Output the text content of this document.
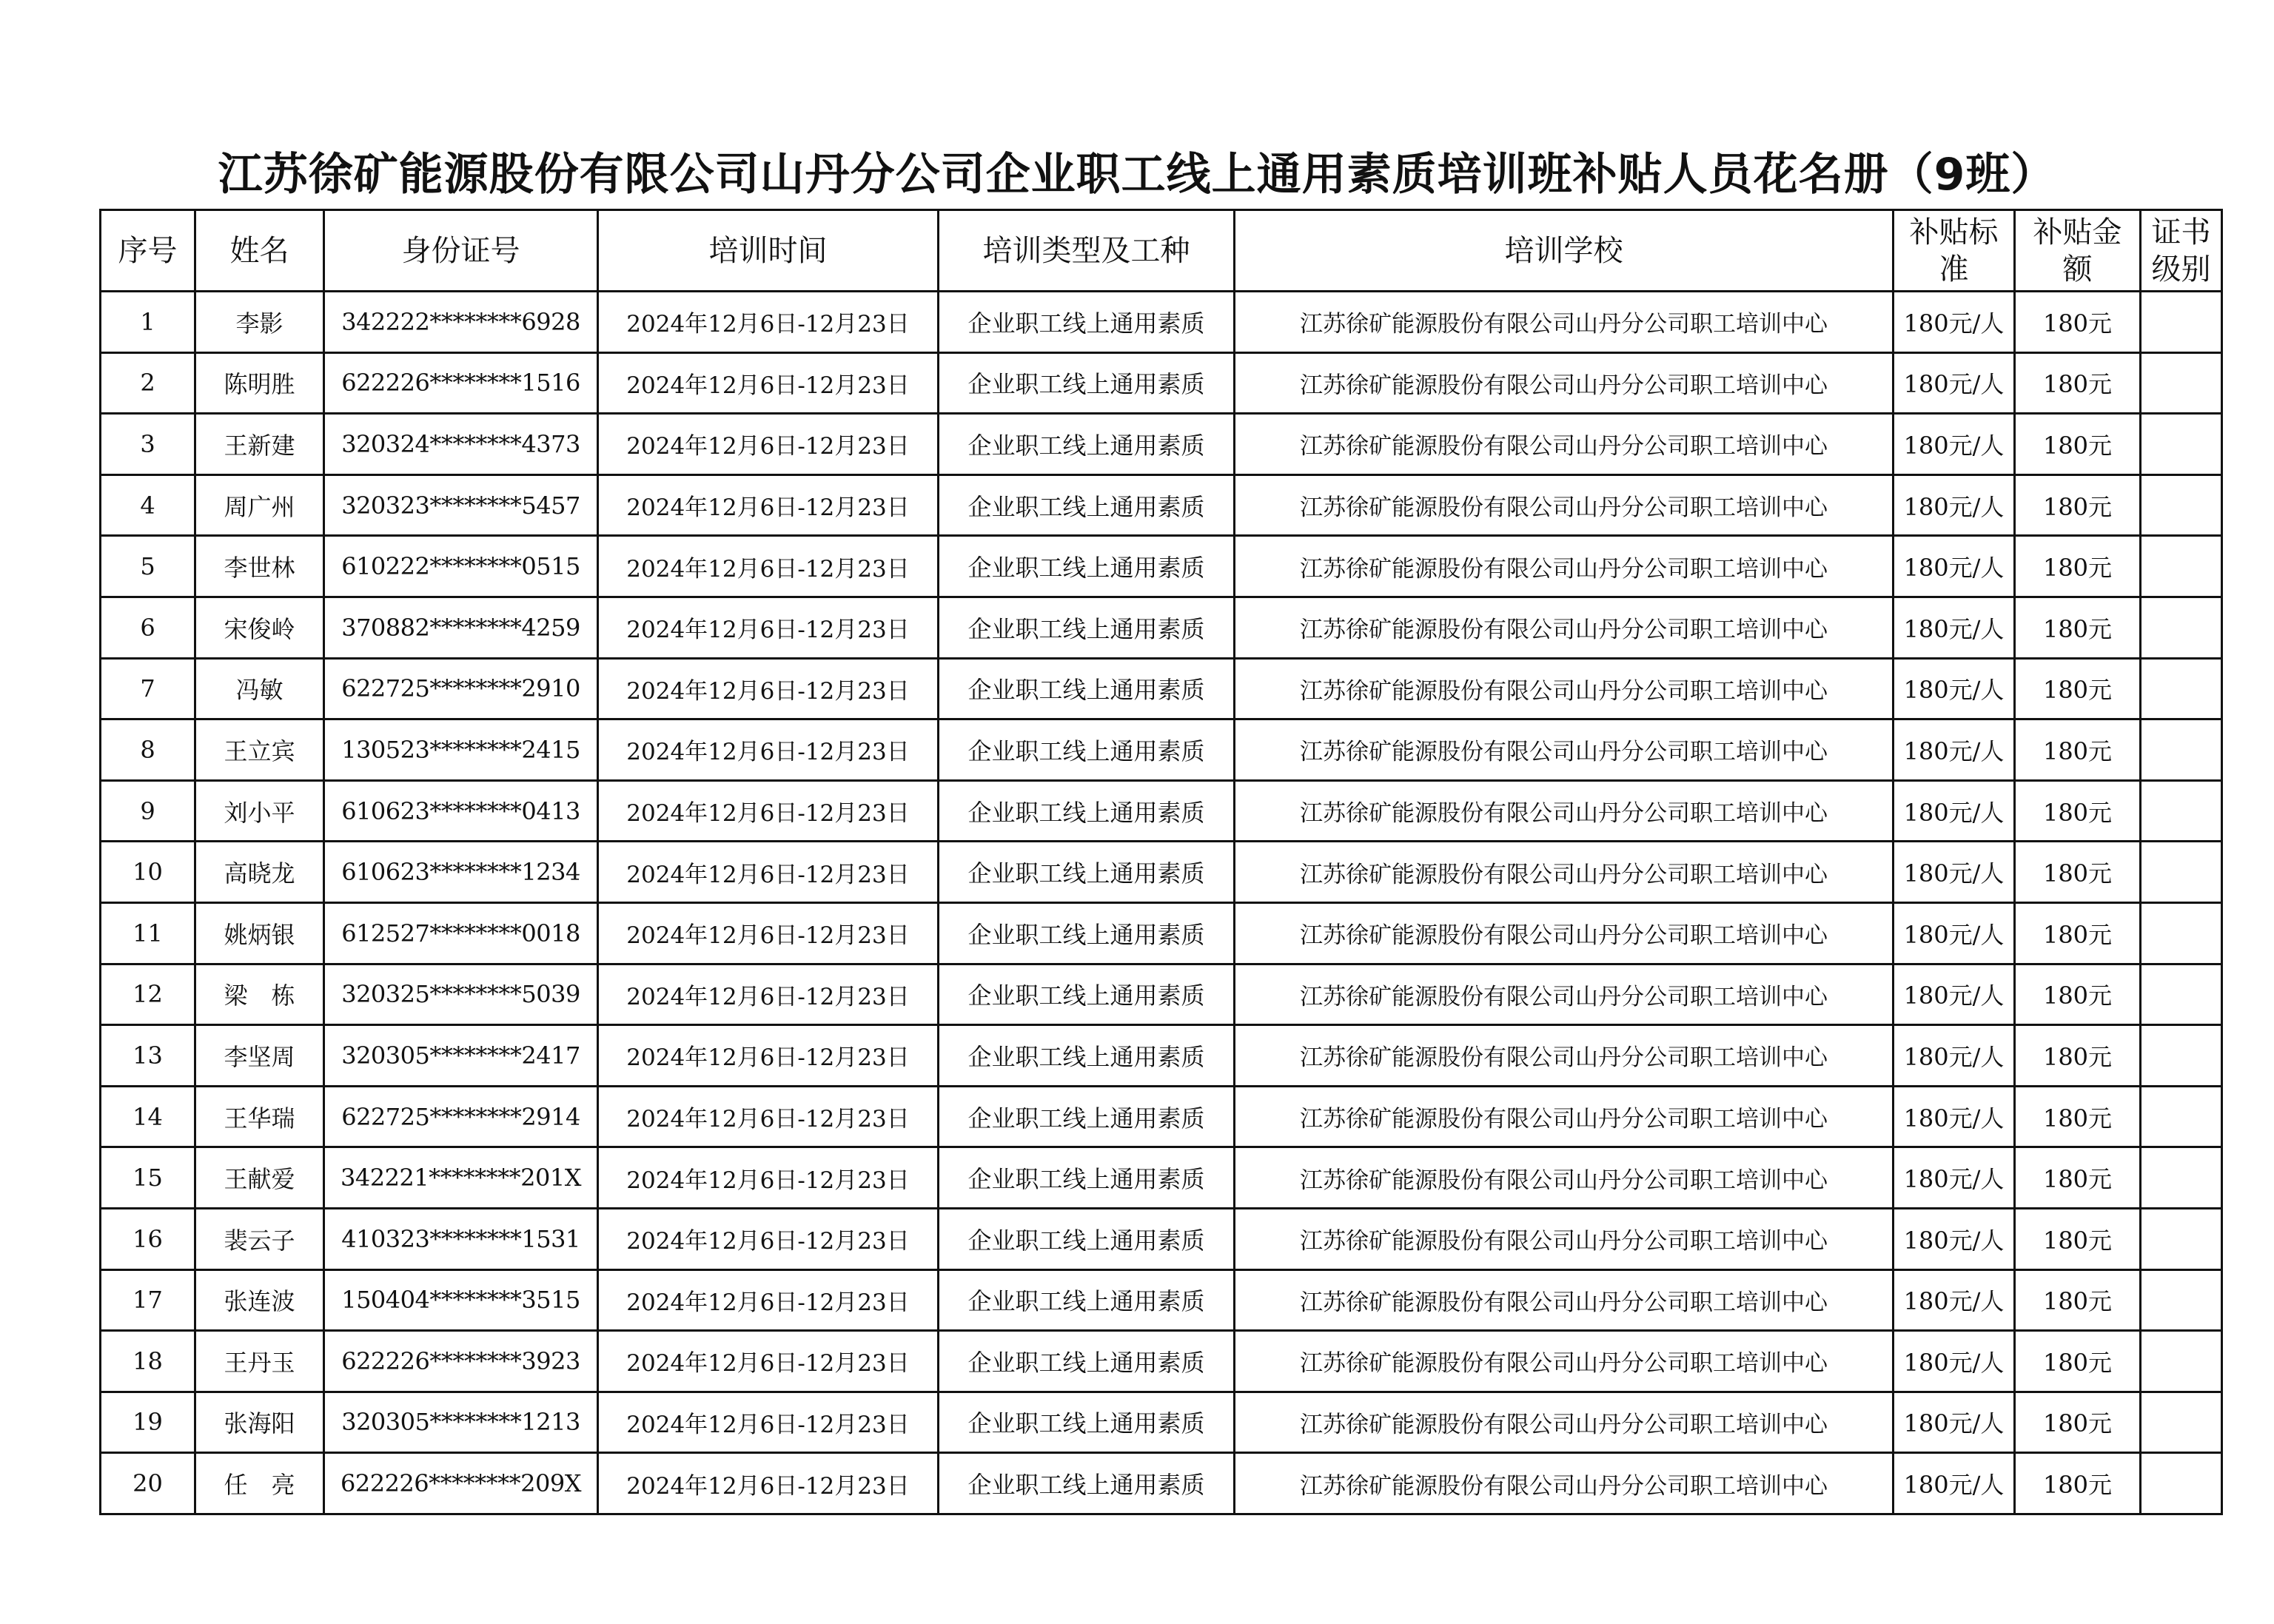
江苏徐矿能源股份有限公司山丹分公司企业职工线上通用素质培训班补贴人员花名册（9班）
序号	姓名	身份证号	培训时间	培训类型及工种	培训学校	补贴标准	补贴金额	证书级别
1	李影	342222********6928	2024年12月6日-12月23日	企业职工线上通用素质	江苏徐矿能源股份有限公司山丹分公司职工培训中心	180元/人	180元	
2	陈明胜	622226********1516	2024年12月6日-12月23日	企业职工线上通用素质	江苏徐矿能源股份有限公司山丹分公司职工培训中心	180元/人	180元	
3	王新建	320324********4373	2024年12月6日-12月23日	企业职工线上通用素质	江苏徐矿能源股份有限公司山丹分公司职工培训中心	180元/人	180元	
4	周广州	320323********5457	2024年12月6日-12月23日	企业职工线上通用素质	江苏徐矿能源股份有限公司山丹分公司职工培训中心	180元/人	180元	
5	李世林	610222********0515	2024年12月6日-12月23日	企业职工线上通用素质	江苏徐矿能源股份有限公司山丹分公司职工培训中心	180元/人	180元	
6	宋俊岭	370882********4259	2024年12月6日-12月23日	企业职工线上通用素质	江苏徐矿能源股份有限公司山丹分公司职工培训中心	180元/人	180元	
7	冯敏	622725********2910	2024年12月6日-12月23日	企业职工线上通用素质	江苏徐矿能源股份有限公司山丹分公司职工培训中心	180元/人	180元	
8	王立宾	130523********2415	2024年12月6日-12月23日	企业职工线上通用素质	江苏徐矿能源股份有限公司山丹分公司职工培训中心	180元/人	180元	
9	刘小平	610623********0413	2024年12月6日-12月23日	企业职工线上通用素质	江苏徐矿能源股份有限公司山丹分公司职工培训中心	180元/人	180元	
10	高晓龙	610623********1234	2024年12月6日-12月23日	企业职工线上通用素质	江苏徐矿能源股份有限公司山丹分公司职工培训中心	180元/人	180元	
11	姚炳银	612527********0018	2024年12月6日-12月23日	企业职工线上通用素质	江苏徐矿能源股份有限公司山丹分公司职工培训中心	180元/人	180元	
12	梁　栋	320325********5039	2024年12月6日-12月23日	企业职工线上通用素质	江苏徐矿能源股份有限公司山丹分公司职工培训中心	180元/人	180元	
13	李坚周	320305********2417	2024年12月6日-12月23日	企业职工线上通用素质	江苏徐矿能源股份有限公司山丹分公司职工培训中心	180元/人	180元	
14	王华瑞	622725********2914	2024年12月6日-12月23日	企业职工线上通用素质	江苏徐矿能源股份有限公司山丹分公司职工培训中心	180元/人	180元	
15	王献爱	342221********201X	2024年12月6日-12月23日	企业职工线上通用素质	江苏徐矿能源股份有限公司山丹分公司职工培训中心	180元/人	180元	
16	裴云子	410323********1531	2024年12月6日-12月23日	企业职工线上通用素质	江苏徐矿能源股份有限公司山丹分公司职工培训中心	180元/人	180元	
17	张连波	150404********3515	2024年12月6日-12月23日	企业职工线上通用素质	江苏徐矿能源股份有限公司山丹分公司职工培训中心	180元/人	180元	
18	王丹玉	622226********3923	2024年12月6日-12月23日	企业职工线上通用素质	江苏徐矿能源股份有限公司山丹分公司职工培训中心	180元/人	180元	
19	张海阳	320305********1213	2024年12月6日-12月23日	企业职工线上通用素质	江苏徐矿能源股份有限公司山丹分公司职工培训中心	180元/人	180元	
20	任　亮	622226********209X	2024年12月6日-12月23日	企业职工线上通用素质	江苏徐矿能源股份有限公司山丹分公司职工培训中心	180元/人	180元	
